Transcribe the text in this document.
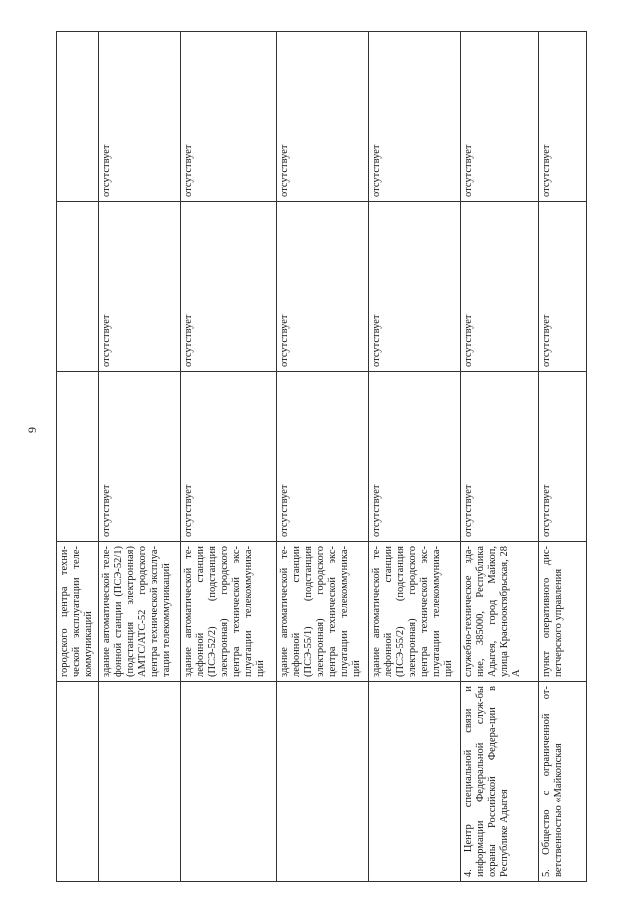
9
	городского центра техни-ческой эксплуатации теле-коммуникаций			
	здание автоматической теле-фонной станции (ПСЭ-52/1) (подстанция электронная) АМТС/АТС-52 городского центра технической эксплуа-тации телекоммуникаций	отсутствует	отсутствует	отсутствует
	здание автоматической те-лефонной станции (ПСЭ-52/2) (подстанция электронная) городского центра технической экс-плуатации телекоммуника-ций	отсутствует	отсутствует	отсутствует
	здание автоматической те-лефонной станции (ПСЭ-55/1) (подстанция электронная) городского центра технической экс-плуатации телекоммуника-ций	отсутствует	отсутствует	отсутствует
	здание автоматической те-лефонной станции (ПСЭ-55/2) (подстанция электронная) городского центра технической экс-плуатации телекоммуника-ций	отсутствует	отсутствует	отсутствует
4. Центр специальной связи и информации Федеральной служ-бы охраны Российской Федера-ции в Республике Адыгея	служебно-техническое зда-ние, 385000, Республика Адыгея, город Майкоп, улица Краснооктябрьская, 28 А	отсутствует	отсутствует	отсутствует
5. Общество с ограниченной от-ветственностью «Майкопская	пункт оперативного дис-петчерского управления	отсутствует	отсутствует	отсутствует
